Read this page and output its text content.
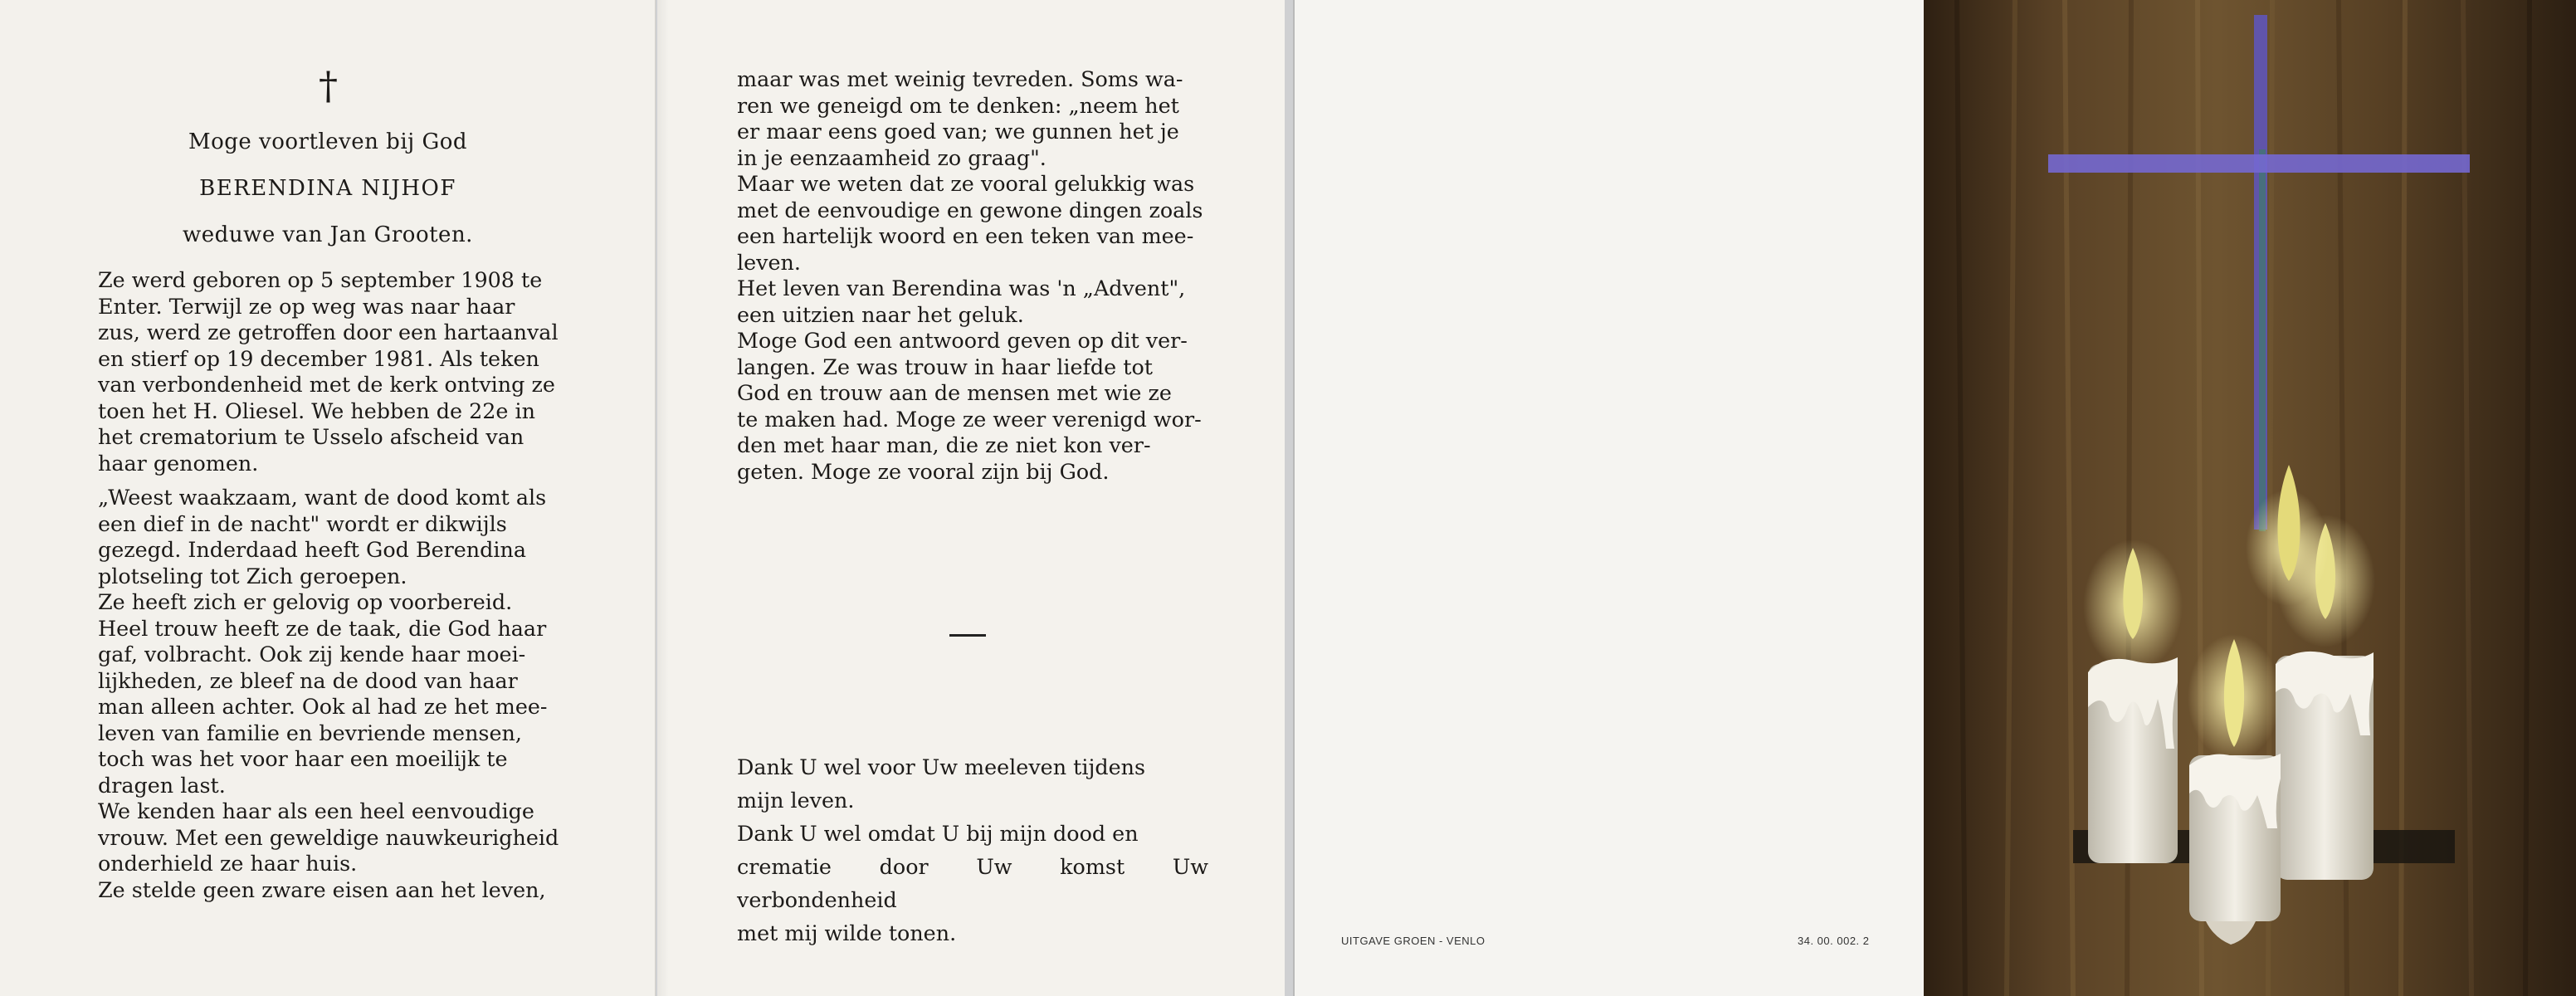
†
Moge voortleven bij God
BERENDINA NIJHOF
weduwe van Jan Grooten.
Ze werd geboren op 5 september 1908 te
Enter. Terwijl ze op weg was naar haar
zus, werd ze getroffen door een hartaanval
en stierf op 19 december 1981. Als teken
van verbondenheid met de kerk ontving ze
toen het H. Oliesel. We hebben de 22e in
het crematorium te Usselo afscheid van
haar genomen.
„Weest waakzaam, want de dood komt als
een dief in de nacht" wordt er dikwijls
gezegd. Inderdaad heeft God Berendina
plotseling tot Zich geroepen.
Ze heeft zich er gelovig op voorbereid.
Heel trouw heeft ze de taak, die God haar
gaf, volbracht. Ook zij kende haar moei-
lijkheden, ze bleef na de dood van haar
man alleen achter. Ook al had ze het mee-
leven van familie en bevriende mensen,
toch was het voor haar een moeilijk te
dragen last.
We kenden haar als een heel eenvoudige
vrouw. Met een geweldige nauwkeurigheid
onderhield ze haar huis.
Ze stelde geen zware eisen aan het leven,
maar was met weinig tevreden. Soms wa-
ren we geneigd om te denken: „neem het
er maar eens goed van; we gunnen het je
in je eenzaamheid zo graag".
Maar we weten dat ze vooral gelukkig was
met de eenvoudige en gewone dingen zoals
een hartelijk woord en een teken van mee-
leven.
Het leven van Berendina was 'n „Advent",
een uitzien naar het geluk.
Moge God een antwoord geven op dit ver-
langen. Ze was trouw in haar liefde tot
God en trouw aan de mensen met wie ze
te maken had. Moge ze weer verenigd wor-
den met haar man, die ze niet kon ver-
geten. Moge ze vooral zijn bij God.
Dank U wel voor Uw meeleven tijdens
mijn leven.
Dank U wel omdat U bij mijn dood en
crematie door Uw komst Uw verbondenheid
met mij wilde tonen.	UITGAVE GROEN - VENLO	34. 00. 002. 2
